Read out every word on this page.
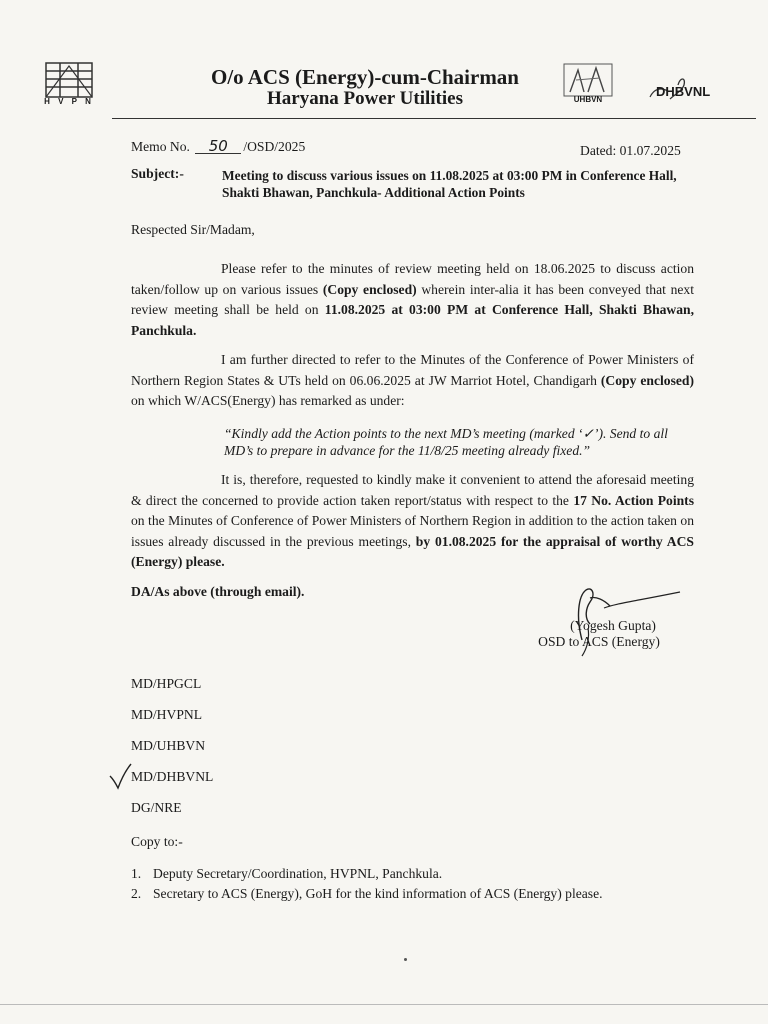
H V P N
O/o ACS (Energy)-cum-Chairman
Haryana Power Utilities	UHBVN
DHBVNL
Memo No. 50 /OSD/2025	Dated: 01.07.2025
Subject:-	Meeting to discuss various issues on 11.08.2025 at 03:00 PM in Conference Hall, Shakti Bhawan, Panchkula- Additional Action Points
Respected Sir/Madam,
Please refer to the minutes of review meeting held on 18.06.2025 to discuss action taken/follow up on various issues (Copy enclosed) wherein inter-alia it has been conveyed that next review meeting shall be held on 11.08.2025 at 03:00 PM at Conference Hall, Shakti Bhawan, Panchkula.
I am further directed to refer to the Minutes of the Conference of Power Ministers of Northern Region States & UTs held on 06.06.2025 at JW Marriot Hotel, Chandigarh (Copy enclosed) on which W/ACS(Energy) has remarked as under:
“Kindly add the Action points to the next MD’s meeting (marked ‘✓’). Send to all MD’s to prepare in advance for the 11/8/25 meeting already fixed.”
It is, therefore, requested to kindly make it convenient to attend the aforesaid meeting & direct the concerned to provide action taken report/status with respect to the 17 No. Action Points on the Minutes of Conference of Power Ministers of Northern Region in addition to the action taken on issues already discussed in the previous meetings, by 01.08.2025 for the appraisal of worthy ACS (Energy) please.
DA/As above (through email).
(Yogesh Gupta)
OSD to ACS (Energy)
MD/HPGCL
MD/HVPNL
MD/UHBVN
MD/DHBVNL
DG/NRE
Copy to:-
1. Deputy Secretary/Coordination, HVPNL, Panchkula.
2. Secretary to ACS (Energy), GoH for the kind information of ACS (Energy) please.
